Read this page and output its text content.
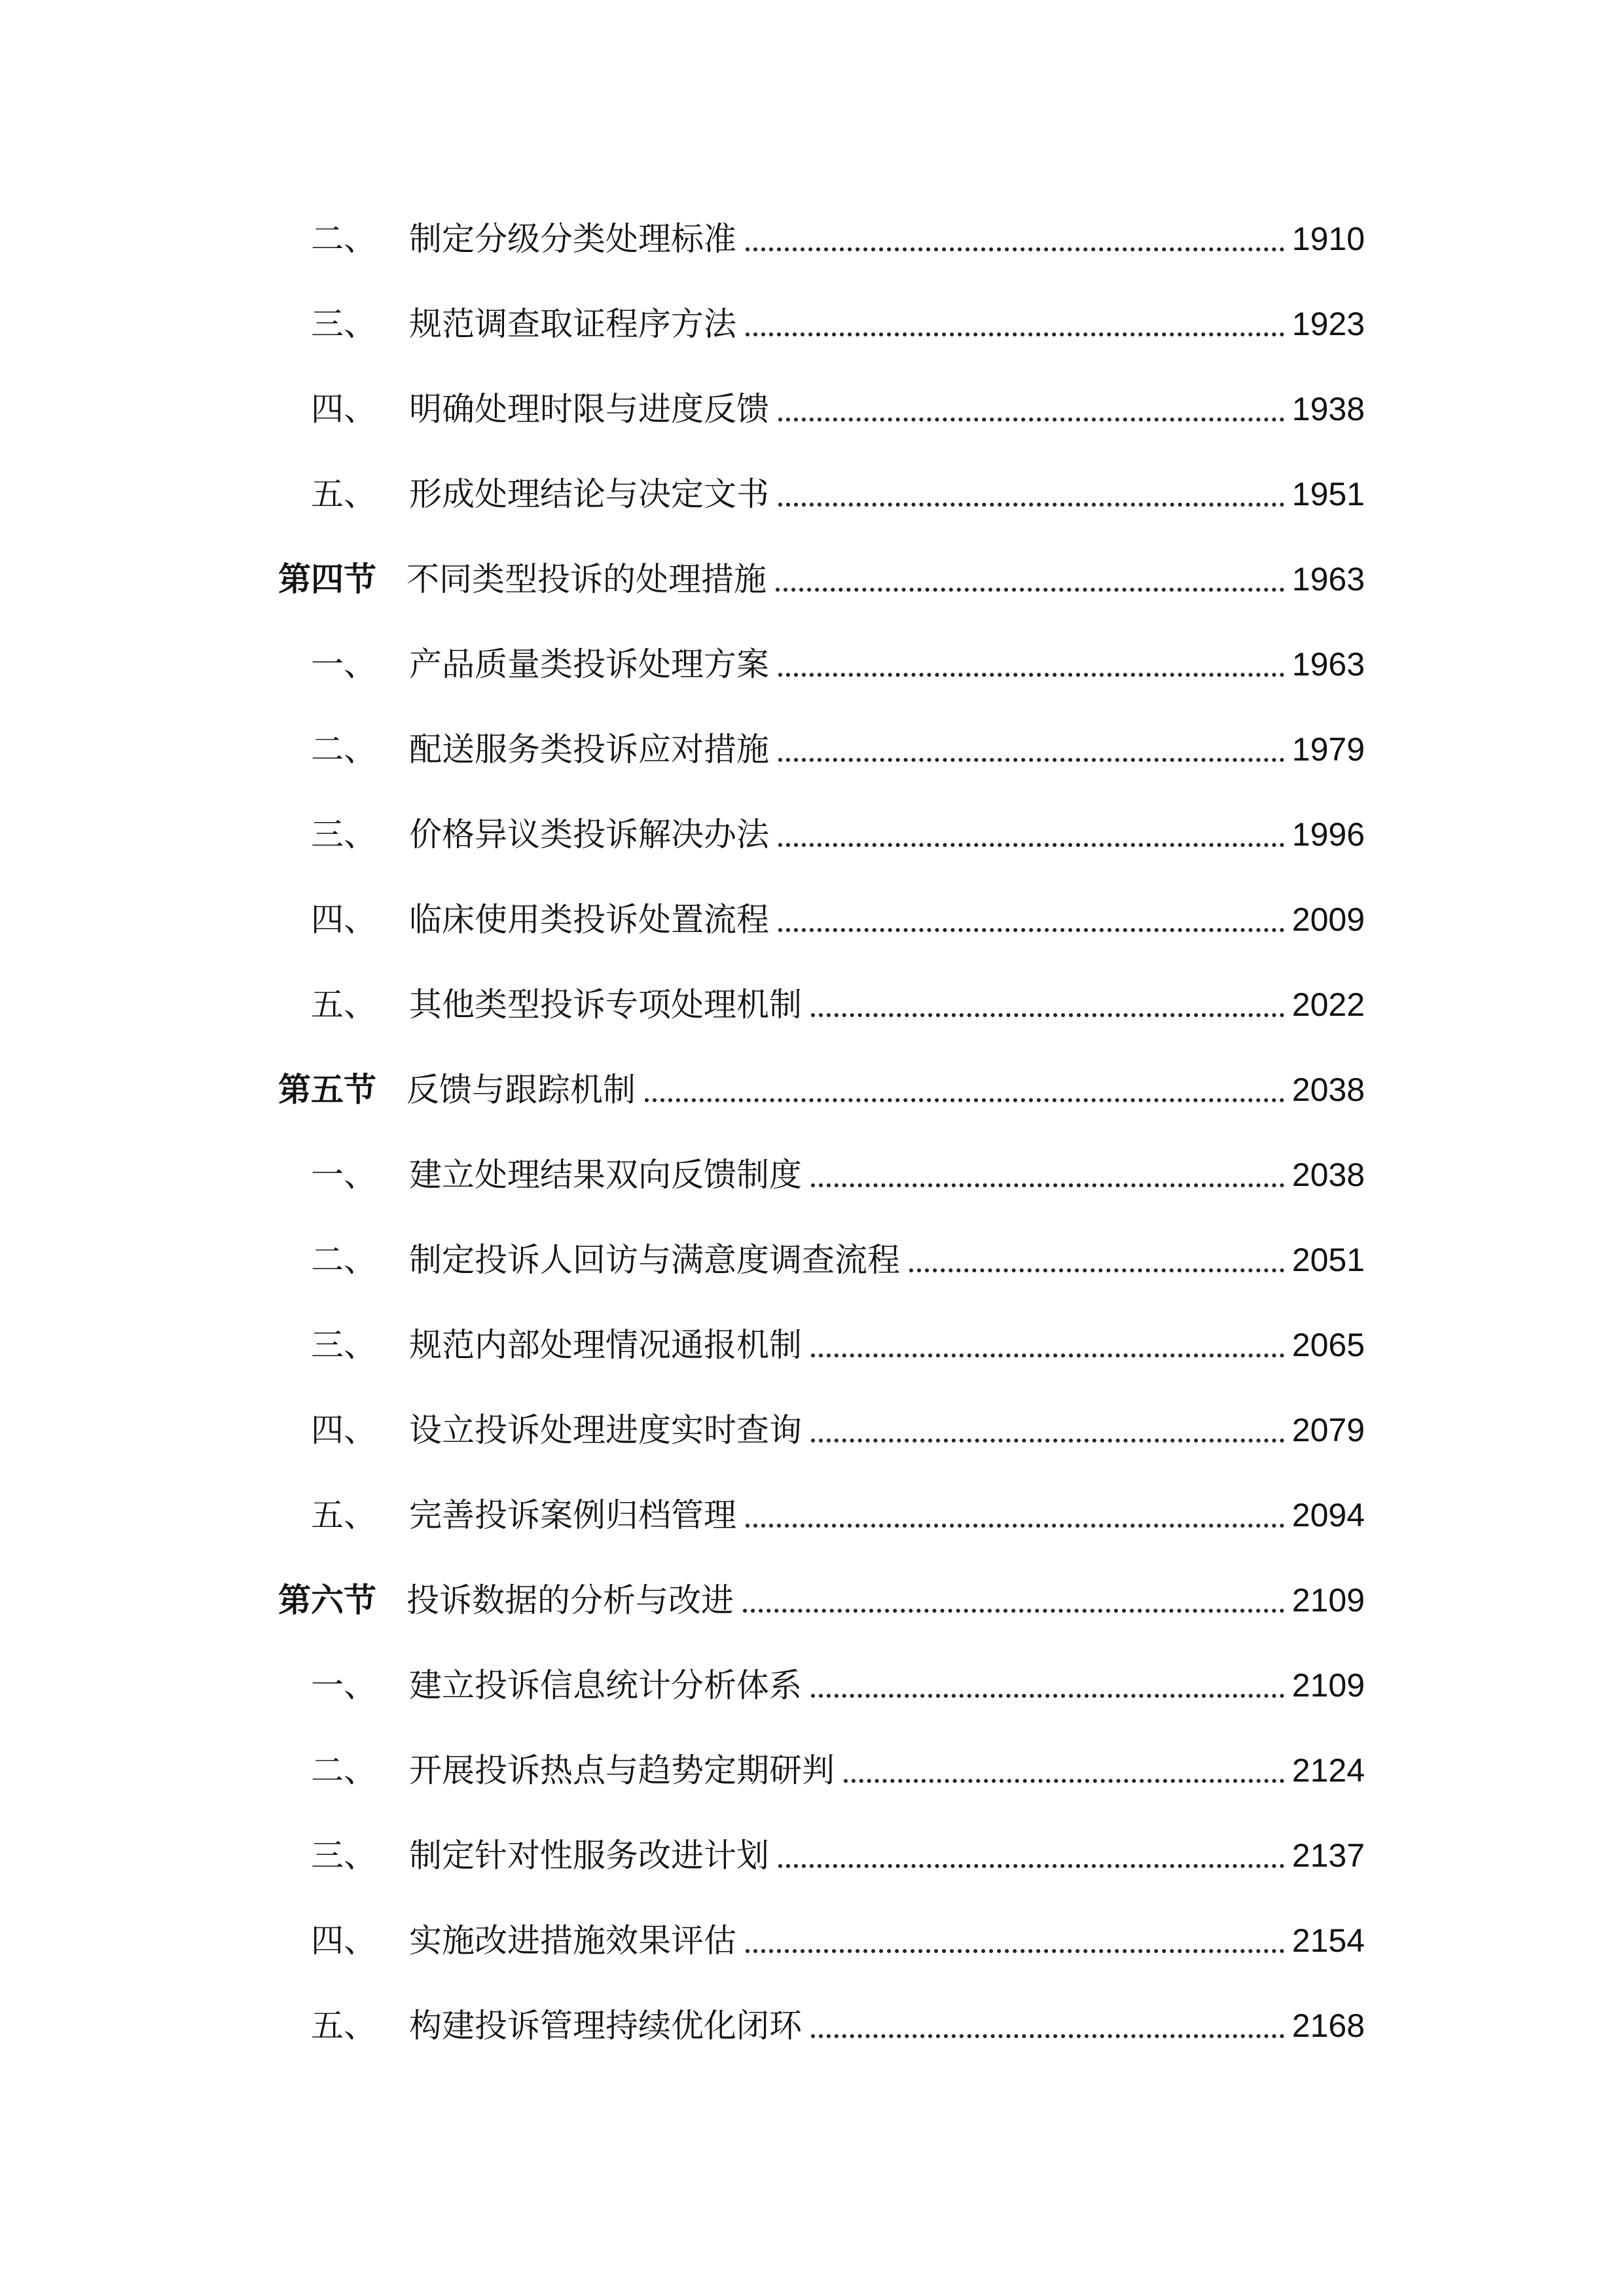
二、	制定分级分类处理标准	1910
三、	规范调查取证程序方法	1923
四、	明确处理时限与进度反馈	1938
五、	形成处理结论与决定文书	1951
第四节 不同类型投诉的处理措施	1963
一、	产品质量类投诉处理方案	1963
二、	配送服务类投诉应对措施	1979
三、	价格异议类投诉解决办法	1996
四、	临床使用类投诉处置流程	2009
五、	其他类型投诉专项处理机制	2022
第五节 反馈与跟踪机制	2038
一、	建立处理结果双向反馈制度	2038
二、	制定投诉人回访与满意度调查流程	2051
三、	规范内部处理情况通报机制	2065
四、	设立投诉处理进度实时查询	2079
五、	完善投诉案例归档管理	2094
第六节 投诉数据的分析与改进	2109
一、	建立投诉信息统计分析体系	2109
二、	开展投诉热点与趋势定期研判	2124
三、	制定针对性服务改进计划	2137
四、	实施改进措施效果评估	2154
五、	构建投诉管理持续优化闭环	2168
